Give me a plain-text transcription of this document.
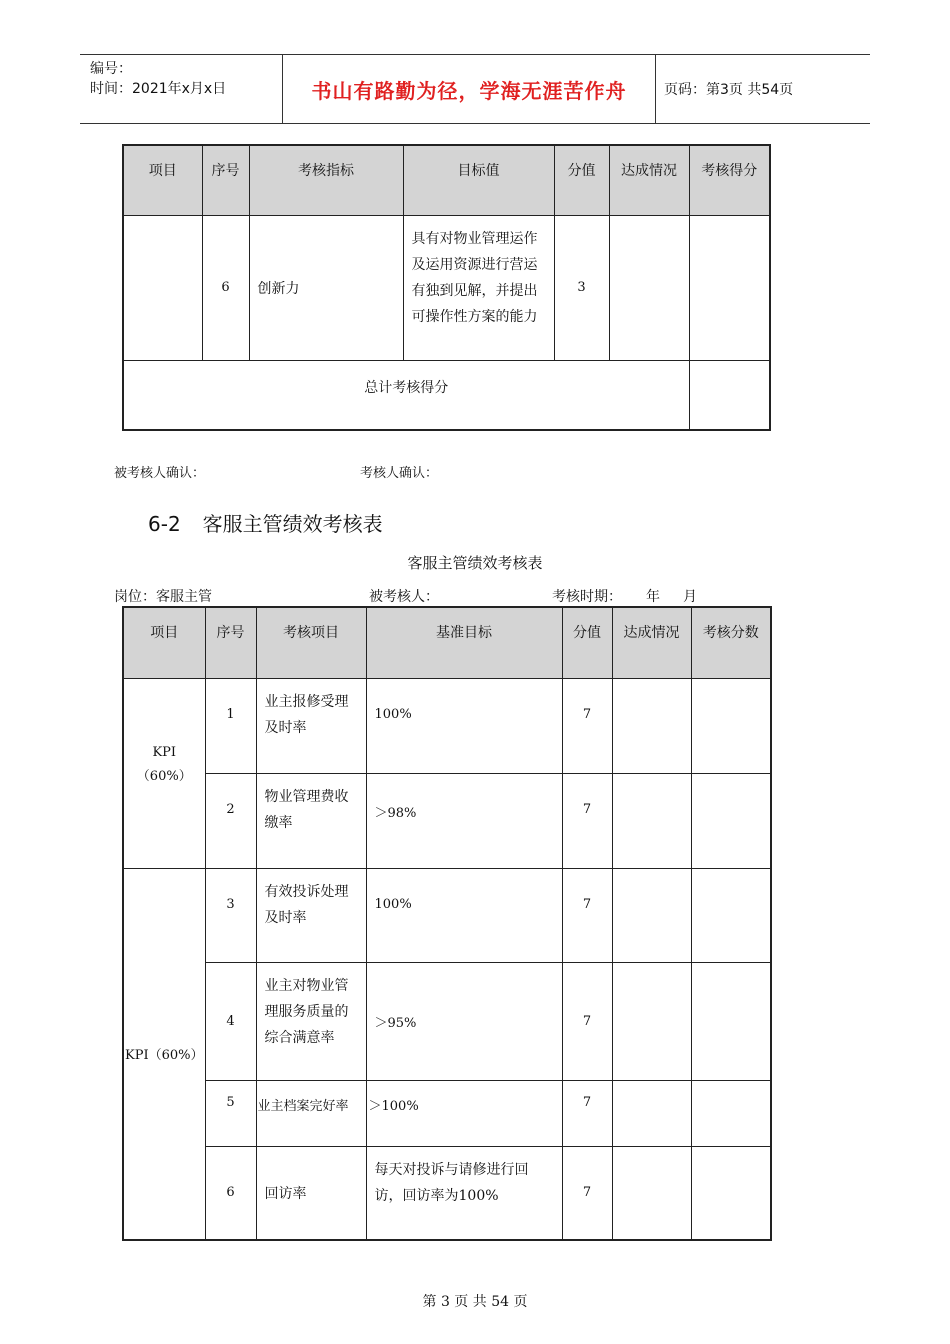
编号：
时间：2021年x月x日	书山有路勤为径，学海无涯苦作舟	页码：第3页 共54页
项目	序号	考核指标	目标值	分值	达成情况	考核得分
	6	创新力	具有对物业管理运作及运用资源进行营运有独到见解，并提出可操作性方案的能力	3		
总计考核得分						
被考核人确认：	考核人确认：
6-2 客服主管绩效考核表
客服主管绩效考核表
岗位：客服主管	被考核人：	考核时期： 年 月
项目	序号	考核项目	基准目标	分值	达成情况	考核分数
KPI（60%）	1	业主报修受理及时率	100%	7		
	2	物业管理费收缴率	＞98%	7		
KPI（60%）	3	有效投诉处理及时率	100%	7		
	4	业主对物业管理服务质量的综合满意率	＞95%	7		
	5	业主档案完好率	＞100%	7		
	6	回访率	每天对投诉与请修进行回访，回访率为100%	7		
第 3 页 共 54 页
